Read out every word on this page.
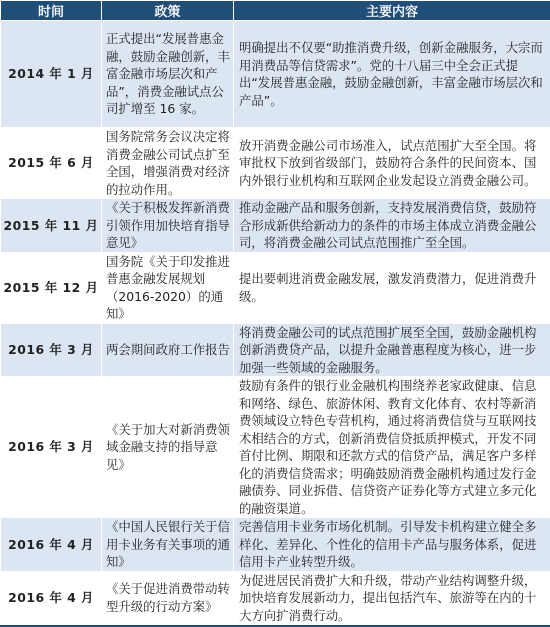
时间	政策	主要内容
2014 年 1 月	正式提出“发展普惠金融，鼓励金融创新，丰富金融市场层次和产品”，消费金融试点公司扩增至 16 家。	明确提出不仅要“助推消费升级，创新金融服务，大宗而用消费品等信贷需求”。党的十八届三中全会正式提出“发展普惠金融，鼓励金融创新，丰富金融市场层次和产品”。
2015 年 6 月	国务院常务会议决定将消费金融公司试点扩至全国，增强消费对经济的拉动作用。	放开消费金融公司市场准入，试点范围扩大至全国。将审批权下放到省级部门，鼓励符合条件的民间资本、国内外银行业机构和互联网企业发起设立消费金融公司。
2015 年 11 月	《关于积极发挥新消费引领作用加快培育指导意见》	推动金融产品和服务创新，支持发展消费信贷，鼓励符合形成新供给新动力的条件的市场主体成立消费金融公司，将消费金融公司试点范围推广至全国。
2015 年 12 月	国务院《关于印发推进普惠金融发展规划（2016-2020）的通知》	提出要刺进消费金融发展，激发消费潜力，促进消费升级。
2016 年 3 月	两会期间政府工作报告	将消费金融公司的试点范围扩展至全国，鼓励金融机构创新消费贷产品，以提升金融普惠程度为核心，进一步加强一些领域的金融服务。
2016 年 3 月	《关于加大对新消费领域金融支持的指导意见》	鼓励有条件的银行业金融机构围绕养老家政健康、信息和网络、绿色、旅游休闲、教育文化体育、农村等新消费领域设立特色专营机构，通过将消费信贷与互联网技术相结合的方式，创新消费信贷抵质押模式，开发不同首付比例、期限和还款方式的信贷产品，满足客户多样化的消费信贷需求；明确鼓励消费金融机构通过发行金融债券、同业拆借、信贷资产证券化等方式建立多元化的融资渠道。
2016 年 4 月	《中国人民银行关于信用卡业务有关事项的通知》	完善信用卡业务市场化机制。引导发卡机构建立健全多样化、差异化、个性化的信用卡产品与服务体系，促进信用卡产业转型升级。
2016 年 4 月	《关于促进消费带动转型升级的行动方案》	为促进居民消费扩大和升级，带动产业结构调整升级，加快培育发展新动力，提出包括汽车、旅游等在内的十大方向扩消费行动。
